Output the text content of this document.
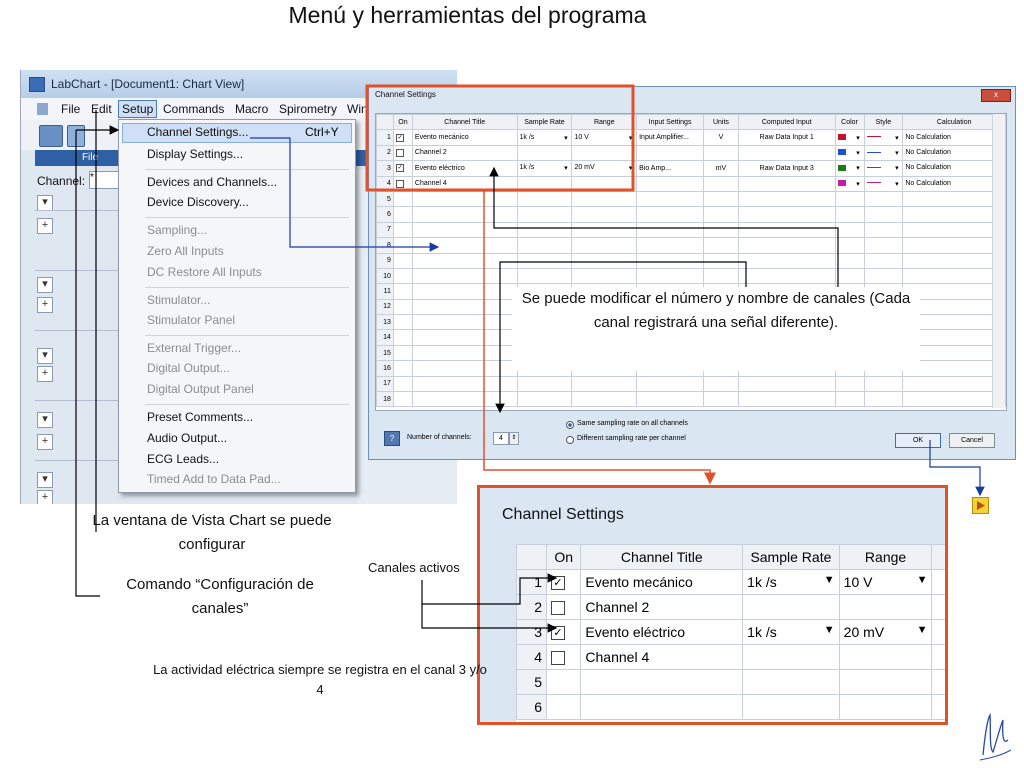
Menú y herramientas del programa
LabChart - [Document1: Chart View]
File Edit Setup Commands Macro Spirometry Win
File
Channel: *
▾
+
▾
+
▾
+
▾
+
▾
+
Channel Settings...	Ctrl+Y
Display Settings...
Devices and Channels...
Device Discovery...
Sampling...
Zero All Inputs
DC Restore All Inputs
Stimulator...
Stimulator Panel
External Trigger...
Digital Output...
Digital Output Panel
Preset Comments...
Audio Output...
ECG Leads...
Timed Add to Data Pad...
Channel Settings	x
	On	Channel Title	Sample Rate	Range	Input Settings	Units	Computed Input	Color	Style	Calculation
1	✓	Evento mecánico	1k /s ▾	10 V ▾	Input Amplifier...	V	Raw Data Input 1	▾	▾	No Calculation

2		Channel 2						▾	▾	No Calculation

3	✓	Evento eléctrico	1k /s ▾	20 mV ▾	Bio Amp...	mV	Raw Data Input 3	▾	▾	No Calculation

4		Channel 4						▾	▾	No Calculation

5										
6										
7										
8										
9										
10										
11										
12										
13										
14										
15										
16										
17										
18										
?	Number of channels:	4	⇕
Same sampling rate on all channels
Different sampling rate per channel	OK	Cancel
Se puede modificar el número y nombre de canales (Cada canal registrará una señal diferente).
Channel Settings
	On	Channel Title	Sample Rate	Range	
1	✓	Evento mecánico	1k /s ▼	10 V ▼	

2		Channel 2			
3	✓	Evento eléctrico	1k /s ▼	20 mV ▼	

4		Channel 4			
5					
6					
La ventana de Vista Chart se puede configurar
Comando “Configuración de canales”
Canales activos
La actividad eléctrica siempre se registra en el canal 3 y/o 4
